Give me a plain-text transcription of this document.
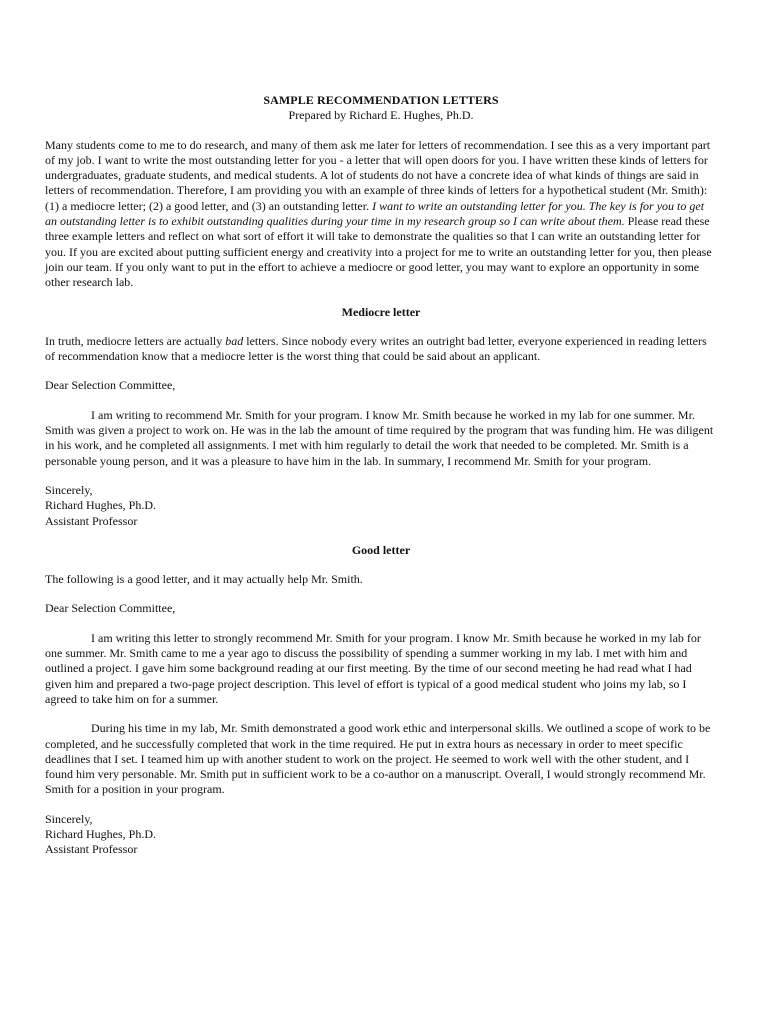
SAMPLE RECOMMENDATION LETTERS

Prepared by Richard E. Hughes, Ph.D.

Many students come to me to do research, and many of them ask me later for letters of recommendation. I see this as a very important part of my job. I want to write the most outstanding letter for you - a letter that will open doors for you. I have written these kinds of letters for undergraduates, graduate students, and medical students. A lot of students do not have a concrete idea of what kinds of things are said in letters of recommendation. Therefore, I am providing you with an example of three kinds of letters for a hypothetical student (Mr. Smith): (1) a mediocre letter; (2) a good letter, and (3) an outstanding letter. I want to write an outstanding letter for you. The key is for you to get an outstanding letter is to exhibit outstanding qualities during your time in my research group so I can write about them. Please read these three example letters and reflect on what sort of effort it will take to demonstrate the qualities so that I can write an outstanding letter for you. If you are excited about putting sufficient energy and creativity into a project for me to write an outstanding letter for you, then please join our team. If you only want to put in the effort to achieve a mediocre or good letter, you may want to explore an opportunity in some other research lab.

Mediocre letter

In truth, mediocre letters are actually bad letters. Since nobody every writes an outright bad letter, everyone experienced in reading letters of recommendation know that a mediocre letter is the worst thing that could be said about an applicant.

Dear Selection Committee,

I am writing to recommend Mr. Smith for your program. I know Mr. Smith because he worked in my lab for one summer. Mr. Smith was given a project to work on. He was in the lab the amount of time required by the program that was funding him. He was diligent in his work, and he completed all assignments. I met with him regularly to detail the work that needed to be completed. Mr. Smith is a personable young person, and it was a pleasure to have him in the lab. In summary, I recommend Mr. Smith for your program.

Sincerely,
Richard Hughes, Ph.D.
Assistant Professor

Good letter

The following is a good letter, and it may actually help Mr. Smith.

Dear Selection Committee,

I am writing this letter to strongly recommend Mr. Smith for your program. I know Mr. Smith because he worked in my lab for one summer. Mr. Smith came to me a year ago to discuss the possibility of spending a summer working in my lab. I met with him and outlined a project. I gave him some background reading at our first meeting. By the time of our second meeting he had read what I had given him and prepared a two-page project description. This level of effort is typical of a good medical student who joins my lab, so I agreed to take him on for a summer.

During his time in my lab, Mr. Smith demonstrated a good work ethic and interpersonal skills. We outlined a scope of work to be completed, and he successfully completed that work in the time required. He put in extra hours as necessary in order to meet specific deadlines that I set. I teamed him up with another student to work on the project. He seemed to work well with the other student, and I found him very personable. Mr. Smith put in sufficient work to be a co-author on a manuscript. Overall, I would strongly recommend Mr. Smith for a position in your program.

Sincerely,
Richard Hughes, Ph.D.
Assistant Professor
